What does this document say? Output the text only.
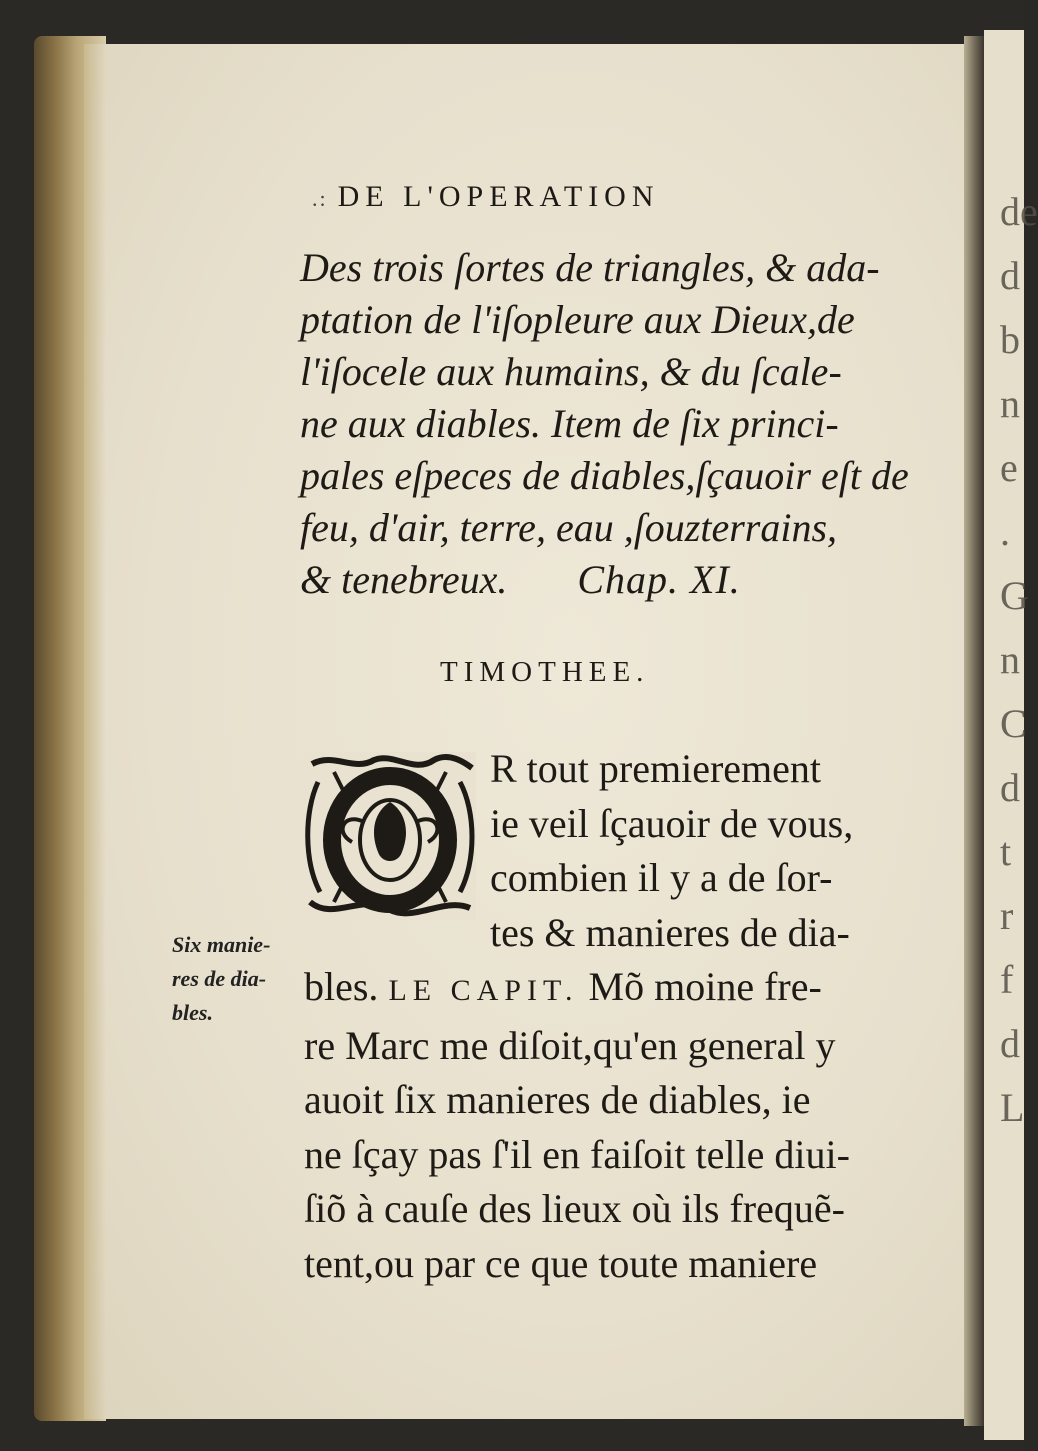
de
d
b
n
e
.
G
n
C
d
t
r
f
d
L
.: DE L'OPERATION
Des trois ſortes de triangles, & ada-
ptation de l'iſopleure aux Dieux,de
l'iſocele aux humains, & du ſcale-
ne aux diables. Item de ſix princi-
pales eſpeces de diables,ſçauoir eſt de
feu, d'air, terre, eau ,ſouzterrains,
& tenebreux. Chap. XI.
TIMOTHEE.
R tout premierement
ie veil ſçauoir de vous,
combien il y a de ſor-
tes & manieres de dia-
bles. LE CAPIT. Mõ moine fre-
re Marc me diſoit,qu'en general y
auoit ſix manieres de diables, ie
ne ſçay pas ſ'il en faiſoit telle diui-
ſiõ à cauſe des lieux où ils frequẽ-
tent,ou par ce que toute maniere
Six manie-
res de dia-
bles.
